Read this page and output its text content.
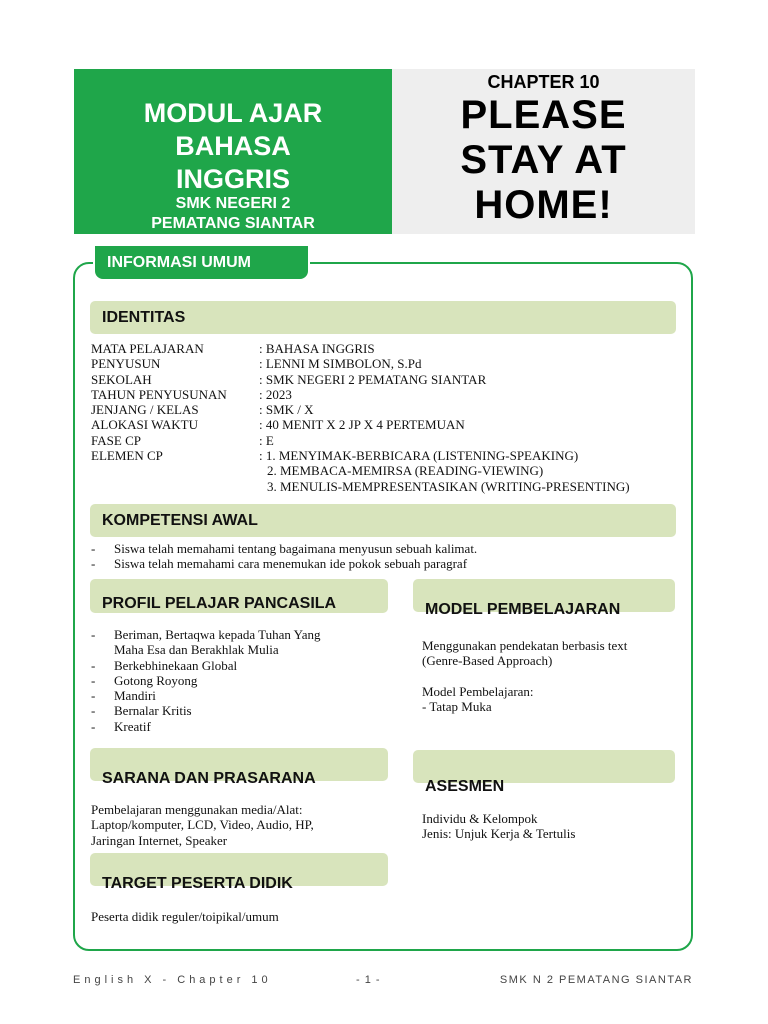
MODUL AJAR
BAHASA
INGGRIS
SMK NEGERI 2
PEMATANG SIANTAR
CHAPTER 10
PLEASE
STAY AT
HOME!
INFORMASI UMUM
IDENTITAS
MATA PELAJARAN	: BAHASA INGGRIS
PENYUSUN	: LENNI M SIMBOLON, S.Pd
SEKOLAH	: SMK NEGERI 2 PEMATANG SIANTAR
TAHUN PENYUSUNAN : 2023
JENJANG / KELAS	: SMK / X
ALOKASI WAKTU	: 40 MENIT X 2 JP X 4 PERTEMUAN
FASE CP	: E
ELEMEN CP	: 1. MENYIMAK-BERBICARA (LISTENING-SPEAKING)
2. MEMBACA-MEMIRSA (READING-VIEWING)
3. MENULIS-MEMPRESENTASIKAN (WRITING-PRESENTING)
KOMPETENSI AWAL
- Siswa telah memahami tentang bagaimana menyusun sebuah kalimat.
- Siswa telah memahami cara menemukan ide pokok sebuah paragraf
PROFIL PELAJAR PANCASILA
- Beriman, Bertaqwa kepada Tuhan Yang
Maha Esa dan Berakhlak Mulia
- Berkebhinekaan Global
- Gotong Royong
- Mandiri
- Bernalar Kritis
- Kreatif
MODEL PEMBELAJARAN
Menggunakan pendekatan berbasis text
(Genre-Based Approach)
Model Pembelajaran:
- Tatap Muka
SARANA DAN PRASARANA
Pembelajaran menggunakan media/Alat:
Laptop/komputer, LCD, Video, Audio, HP,
Jaringan Internet, Speaker
ASESMEN
Individu & Kelompok
Jenis: Unjuk Kerja & Tertulis
TARGET PESERTA DIDIK
Peserta didik reguler/toipikal/umum
English X - Chapter 10	- 1 -	SMK N 2 PEMATANG SIANTAR
